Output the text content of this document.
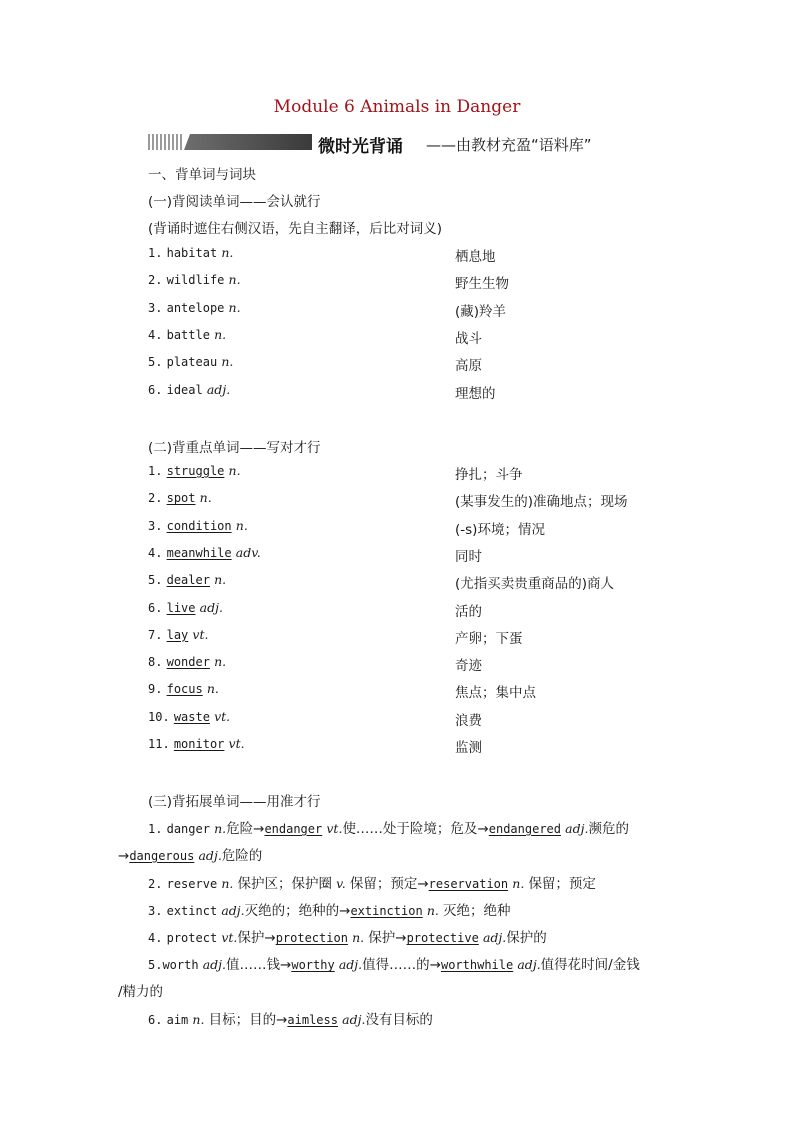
Module 6 Animals in Danger
微时光背诵 ——由教材充盈“语料库”
一、背单词与词块
(一)背阅读单词——会认就行
(背诵时遮住右侧汉语，先自主翻译，后比对词义)
1. habitat n.	栖息地
2. wildlife n.	野生生物
3. antelope n.	(藏)羚羊
4. battle n.	战斗
5. plateau n.	高原
6. ideal adj.	理想的
(二)背重点单词——写对才行
1. struggle n.	挣扎；斗争
2. spot n.	(某事发生的)准确地点；现场
3. condition n.	(-s)环境；情况
4. meanwhile adv.	同时
5. dealer n.	(尤指买卖贵重商品的)商人
6. live adj.	活的
7. lay vt.	产卵；下蛋
8. wonder n.	奇迹
9. focus n.	焦点；集中点
10. waste vt.	浪费
11. monitor vt.	监测
(三)背拓展单词——用准才行
1. danger n.危险→endanger vt.使……处于险境；危及→endangered adj.濒危的
→dangerous adj.危险的
2. reserve n. 保护区；保护圈 v. 保留；预定→reservation n. 保留；预定
3. extinct adj.灭绝的；绝种的→extinction n. 灭绝；绝种
4. protect vt.保护→protection n. 保护→protective adj.保护的
5.worth adj.值……钱→worthy adj.值得……的→worthwhile adj.值得花时间/金钱
/精力的
6. aim n. 目标；目的→aimless adj.没有目标的
